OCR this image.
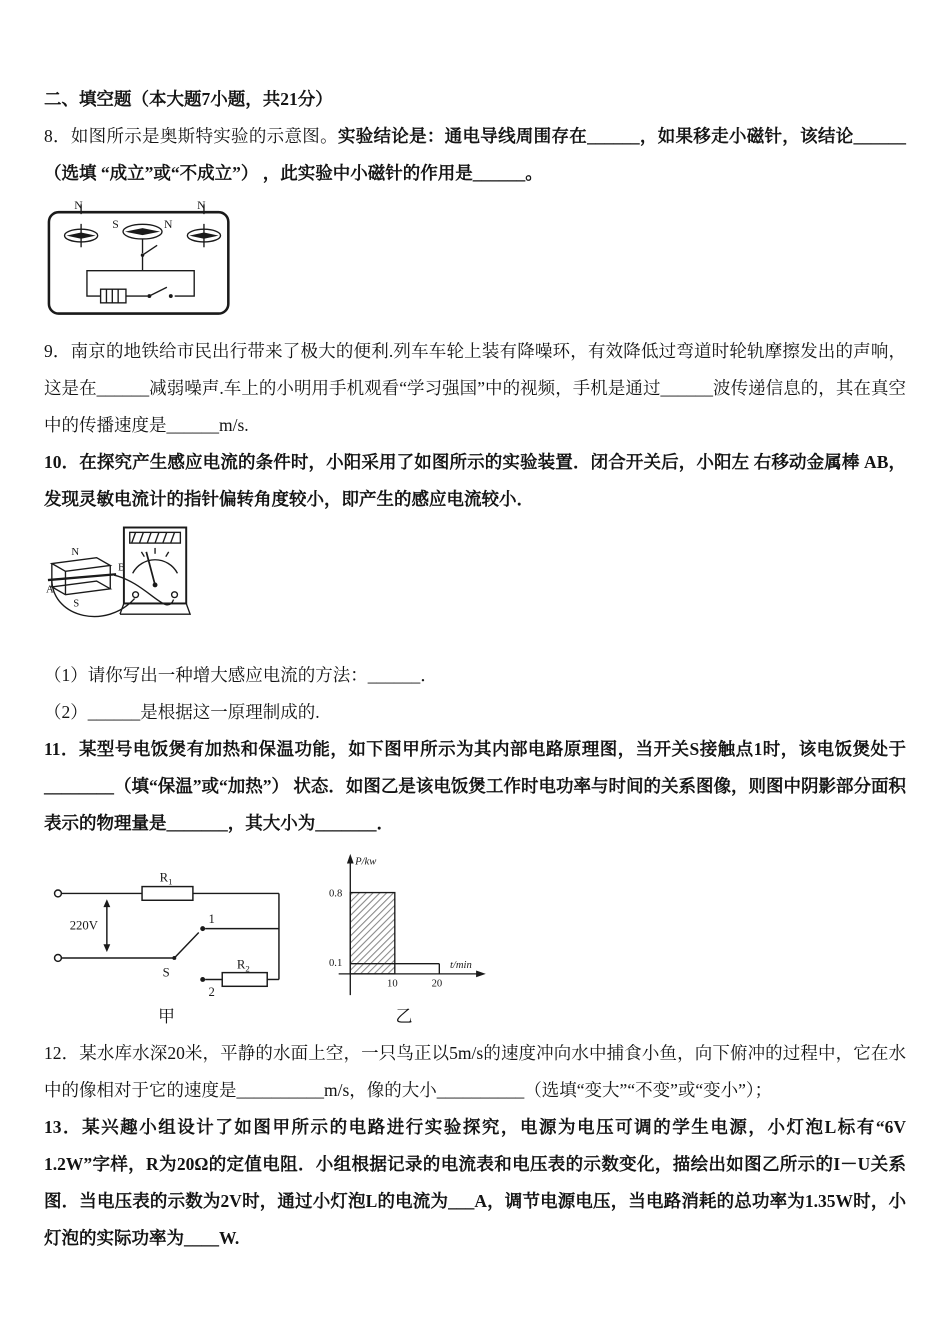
二、填空题（本大题7小题，共21分）

8．如图所示是奥斯特实验的示意图。实验结论是：通电导线周围存在______，如果移走小磁针，该结论______ （选填 “成立”或“不成立”） ，此实验中小磁针的作用是______。

N
S	N
N

9．南京的地铁给市民出行带来了极大的便利.列车车轮上装有降噪环，有效降低过弯道时轮轨摩擦发出的声响，这是在______减弱噪声.车上的小明用手机观看“学习强国”中的视频，手机是通过______波传递信息的，其在真空中的传播速度是______m/s.

10．在探究产生感应电流的条件时，小阳采用了如图所示的实验装置．闭合开关后，小阳左 右移动金属棒 AB，发现灵敏电流计的指针偏转角度较小，即产生的感应电流较小．

N
S
A
B

（1）请你写出一种增大感应电流的方法：______．

（2）______是根据这一原理制成的.

11．某型号电饭煲有加热和保温功能，如下图甲所示为其内部电路原理图，当开关S接触点1时，该电饭煲处于________（填“保温”或“加热”） 状态．如图乙是该电饭煲工作时电功率与时间的关系图像，则图中阴影部分面积表示的物理量是_______，其大小为_______．

220V
$R_1$
$R_2$
1
2
S
甲
P/kw
t/min
0.8
0.1
10	20
乙

12．某水库水深20米，平静的水面上空，一只鸟正以5m/s的速度冲向水中捕食小鱼，向下俯冲的过程中，它在水中的像相对于它的速度是__________m/s，像的大小__________（选填“变大”“不变”或“变小”）；

13．某兴趣小组设计了如图甲所示的电路进行实验探究，电源为电压可调的学生电源，小灯泡L标有“6V 1.2W”字样，R为20Ω的定值电阻．小组根据记录的电流表和电压表的示数变化，描绘出如图乙所示的I－U关系图．当电压表的示数为2V时，通过小灯泡L的电流为___A，调节电源电压，当电路消耗的总功率为1.35W时，小灯泡的实际功率为____W.
